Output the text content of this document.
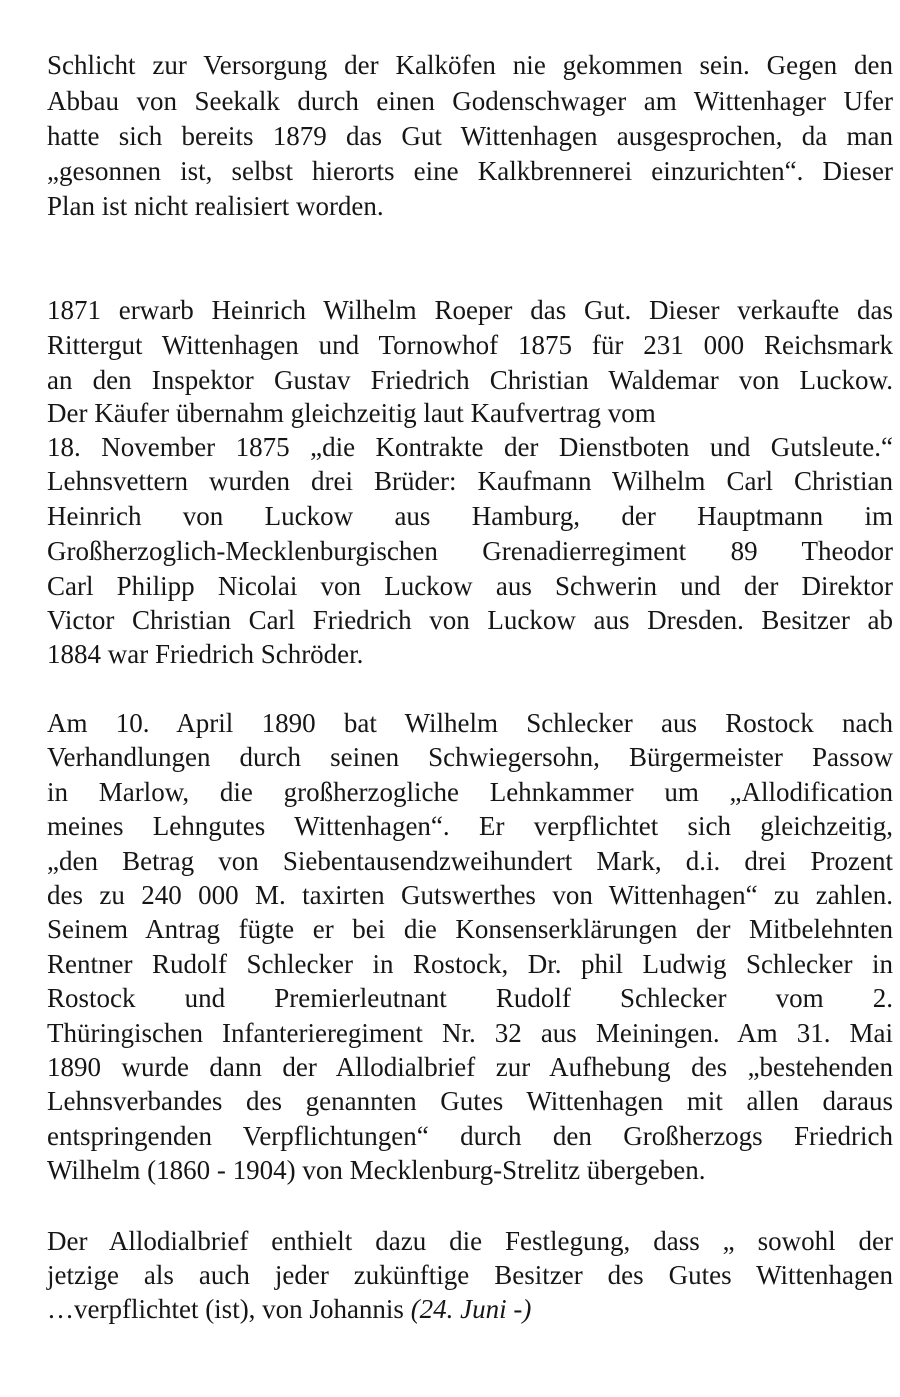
Schlicht zur Versorgung der Kalköfen nie gekommen sein. Gegen den
Abbau von Seekalk durch einen Godenschwager am Wittenhager Ufer
hatte sich bereits 1879 das Gut Wittenhagen ausgesprochen, da man
„gesonnen ist, selbst hierorts eine Kalkbrennerei einzurichten“. Dieser
Plan ist nicht realisiert worden.
1871 erwarb Heinrich Wilhelm Roeper das Gut. Dieser verkaufte das
Rittergut Wittenhagen und Tornowhof 1875 für 231 000 Reichsmark
an den Inspektor Gustav Friedrich Christian Waldemar von Luckow.
Der Käufer übernahm gleichzeitig laut Kaufvertrag vom
18. November 1875 „die Kontrakte der Dienstboten und Gutsleute.“
Lehnsvettern wurden drei Brüder: Kaufmann Wilhelm Carl Christian
Heinrich von Luckow aus Hamburg, der Hauptmann im
Großherzoglich-Mecklenburgischen Grenadierregiment 89 Theodor
Carl Philipp Nicolai von Luckow aus Schwerin und der Direktor
Victor Christian Carl Friedrich von Luckow aus Dresden. Besitzer ab
1884 war Friedrich Schröder.
Am 10. April 1890 bat Wilhelm Schlecker aus Rostock nach
Verhandlungen durch seinen Schwiegersohn, Bürgermeister Passow
in Marlow, die großherzogliche Lehnkammer um „Allodification
meines Lehngutes Wittenhagen“. Er verpflichtet sich gleichzeitig,
„den Betrag von Siebentausendzweihundert Mark, d.i. drei Prozent
des zu 240 000 M. taxirten Gutswerthes von Wittenhagen“ zu zahlen.
Seinem Antrag fügte er bei die Konsenserklärungen der Mitbelehnten
Rentner Rudolf Schlecker in Rostock, Dr. phil Ludwig Schlecker in
Rostock und Premierleutnant Rudolf Schlecker vom 2.
Thüringischen Infanterieregiment Nr. 32 aus Meiningen. Am 31. Mai
1890 wurde dann der Allodialbrief zur Aufhebung des „bestehenden
Lehnsverbandes des genannten Gutes Wittenhagen mit allen daraus
entspringenden Verpflichtungen“ durch den Großherzogs Friedrich
Wilhelm (1860 - 1904) von Mecklenburg-Strelitz übergeben.
Der Allodialbrief enthielt dazu die Festlegung, dass „ sowohl der
jetzige als auch jeder zukünftige Besitzer des Gutes Wittenhagen
…verpflichtet (ist), von Johannis (24. Juni -)
